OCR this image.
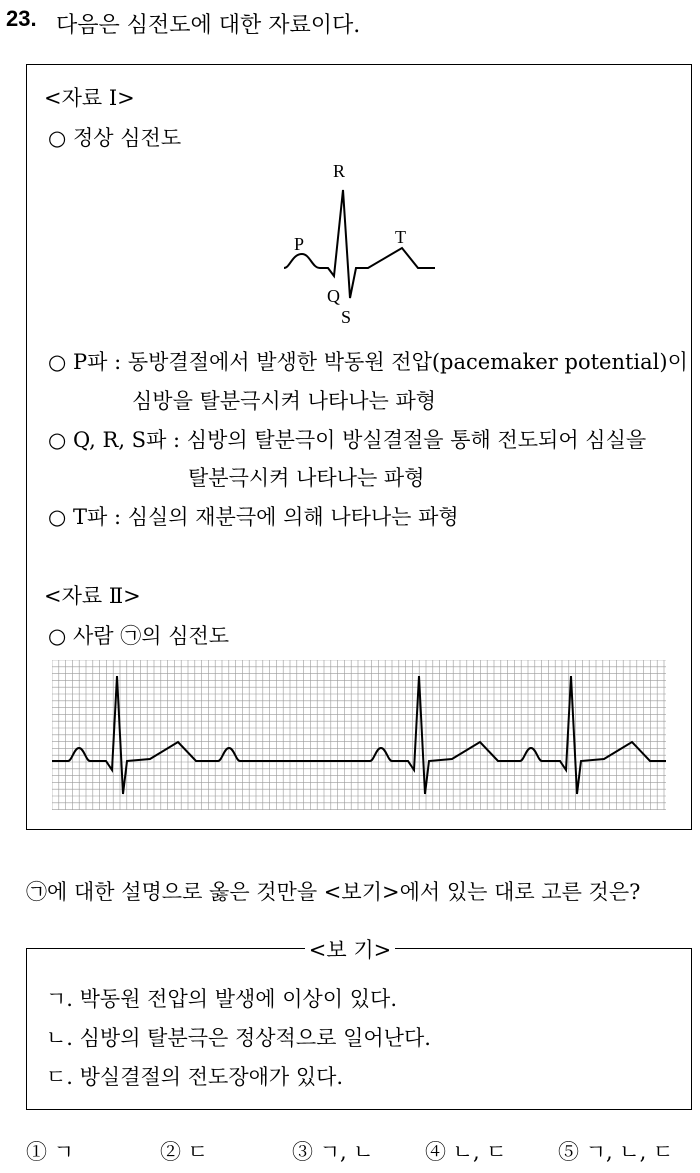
23. 다음은 심전도에 대한 자료이다.
<자료 I>
○ 정상 심전도
R
P	T
Q
S
○ P파 : 동방결절에서 발생한 박동원 전압(pacemaker potential)이
심방을 탈분극시켜 나타나는 파형
○ Q, R, S파 : 심방의 탈분극이 방실결절을 통해 전도되어 심실을
탈분극시켜 나타나는 파형
○ T파 : 심실의 재분극에 의해 나타나는 파형
<자료 Ⅱ>
○ 사람 ㉠의 심전도
㉠에 대한 설명으로 옳은 것만을 <보기>에서 있는 대로 고른 것은?
<보 기>
ㄱ. 박동원 전압의 발생에 이상이 있다.
ㄴ. 심방의 탈분극은 정상적으로 일어난다.
ㄷ. 방실결절의 전도장애가 있다.
① ㄱ	② ㄷ	③ ㄱ, ㄴ ④ ㄴ, ㄷ ⑤ ㄱ, ㄴ, ㄷ
